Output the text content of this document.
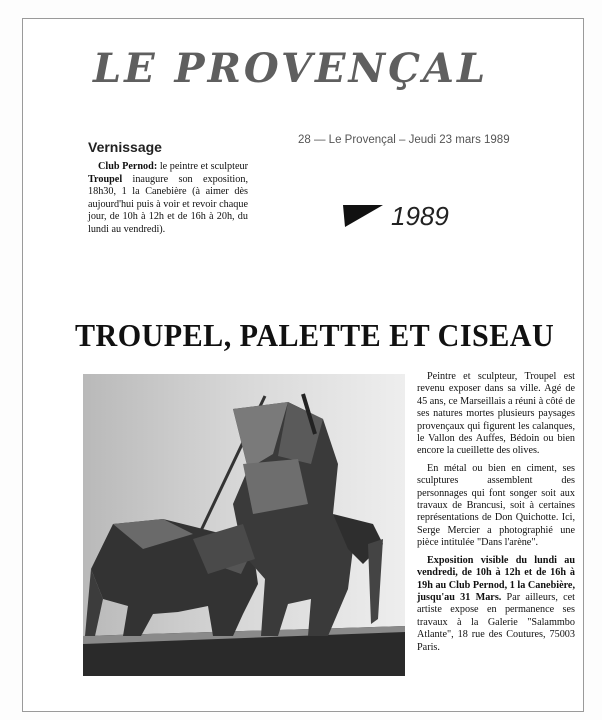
LE PROVENÇAL
Vernissage

Club Pernod: le peintre et sculpteur Troupel inaugure son exposition, 18h30, 1 la Canebière (à aimer dès aujourd'hui puis à voir et revoir chaque jour, de 10h à 12h et de 16h à 20h, du lundi au vendredi).

28 — Le Provençal – Jeudi 23 mars 1989
1989
TROUPEL, PALETTE ET CISEAU

Peintre et sculpteur, Troupel est revenu exposer dans sa ville. Agé de 45 ans, ce Marseillais a réuni à côté de ses natures mortes plusieurs paysages provençaux qui figurent les calanques, le Vallon des Auffes, Bédoin ou bien encore la cueillette des olives.

En métal ou bien en ciment, ses sculptures assemblent des personnages qui font songer soit aux travaux de Brancusi, soit à certaines représentations de Don Quichotte. Ici, Serge Mercier a photographié une pièce intitulée "Dans l'arène".

Exposition visible du lundi au vendredi, de 10h à 12h et de 16h à 19h au Club Pernod, 1 la Canebière, jusqu'au 31 Mars. Par ailleurs, cet artiste expose en permanence ses travaux à la Galerie "Salammbo Atlante", 18 rue des Coutures, 75003 Paris.
